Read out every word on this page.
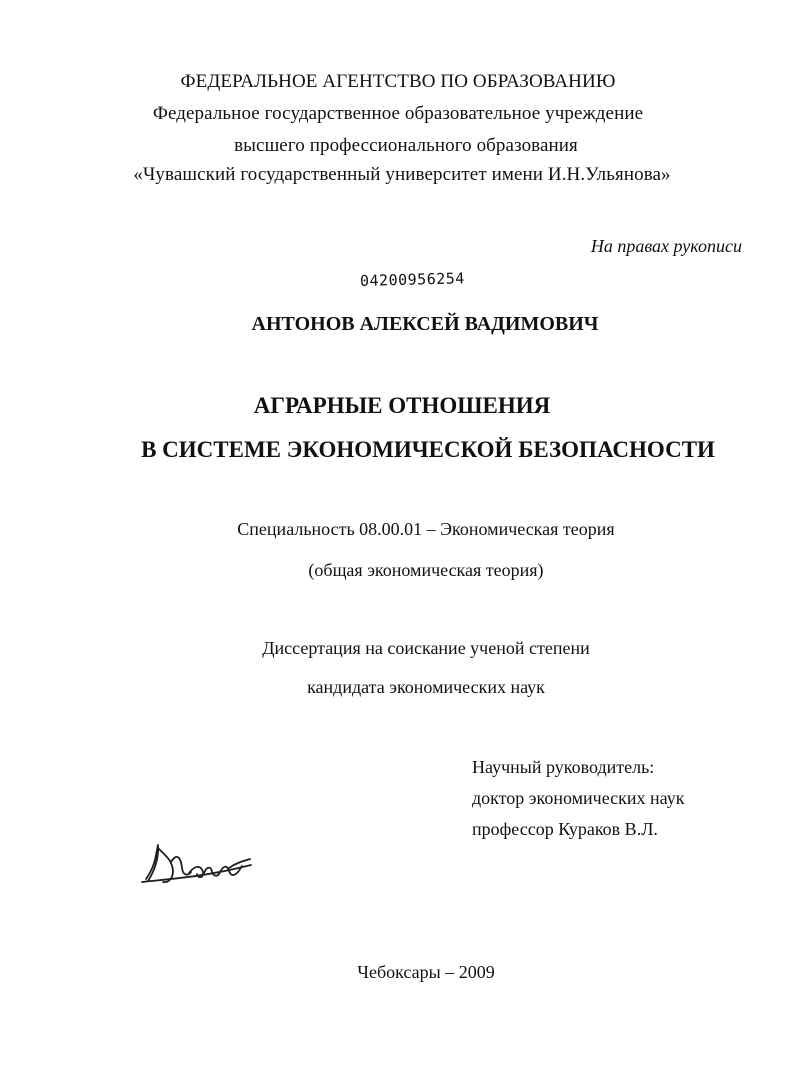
ФЕДЕРАЛЬНОЕ АГЕНТСТВО ПО ОБРАЗОВАНИЮ
Федеральное государственное образовательное учреждение
высшего профессионального образования
«Чувашский государственный университет имени И.Н.Ульянова»
На правах рукописи
04200956254
АНТОНОВ АЛЕКСЕЙ ВАДИМОВИЧ
АГРАРНЫЕ ОТНОШЕНИЯ
В СИСТЕМЕ ЭКОНОМИЧЕСКОЙ БЕЗОПАСНОСТИ
Специальность 08.00.01 – Экономическая теория
(общая экономическая теория)
Диссертация на соискание ученой степени
кандидата экономических наук
Научный руководитель:
доктор экономических наук
профессор Кураков В.Л.
Чебоксары – 2009
